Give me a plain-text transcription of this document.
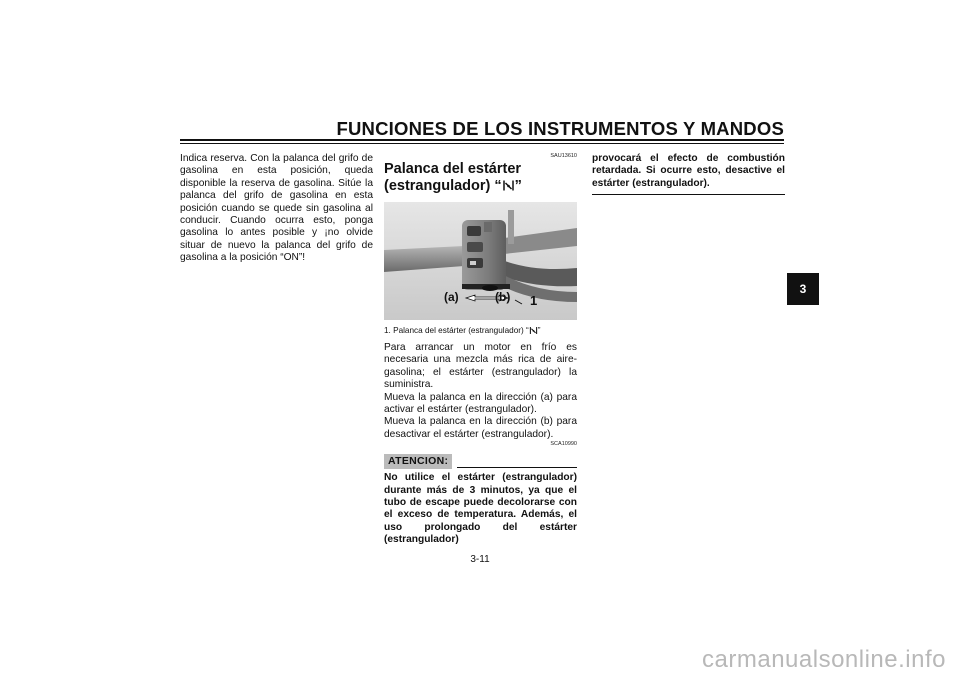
FUNCIONES DE LOS INSTRUMENTOS Y MANDOS
3
Indica reserva. Con la palanca del grifo de gasolina en esta posición, queda disponible la reserva de gasolina. Sitúe la palanca del grifo de gasolina en esta posición cuando se quede sin gasolina al conducir. Cuando ocurra esto, ponga gasolina lo antes posible y ¡no olvide situar de nuevo la palanca del grifo de gasolina a la posición “ON”!
SAU13610
Palanca del estárter
(estrangulador) “ ”
(a)	(b) 1
1. Palanca del estárter (estrangulador) “ ”

Para arrancar un motor en frío es necesaria una mezcla más rica de aire-gasolina; el estárter (estrangulador) la suministra.

Mueva la palanca en la dirección (a) para activar el estárter (estrangulador).

Mueva la palanca en la dirección (b) para desactivar el estárter (estrangulador).

SCA10990
ATENCION:
No utilice el estárter (estrangulador) durante más de 3 minutos, ya que el tubo de escape puede decolorarse con el exceso de temperatura. Además, el uso prolongado del estárter (estrangulador)
provocará el efecto de combustión retardada. Si ocurre esto, desactive el estárter (estrangulador).
3-11
carmanualsonline.info
